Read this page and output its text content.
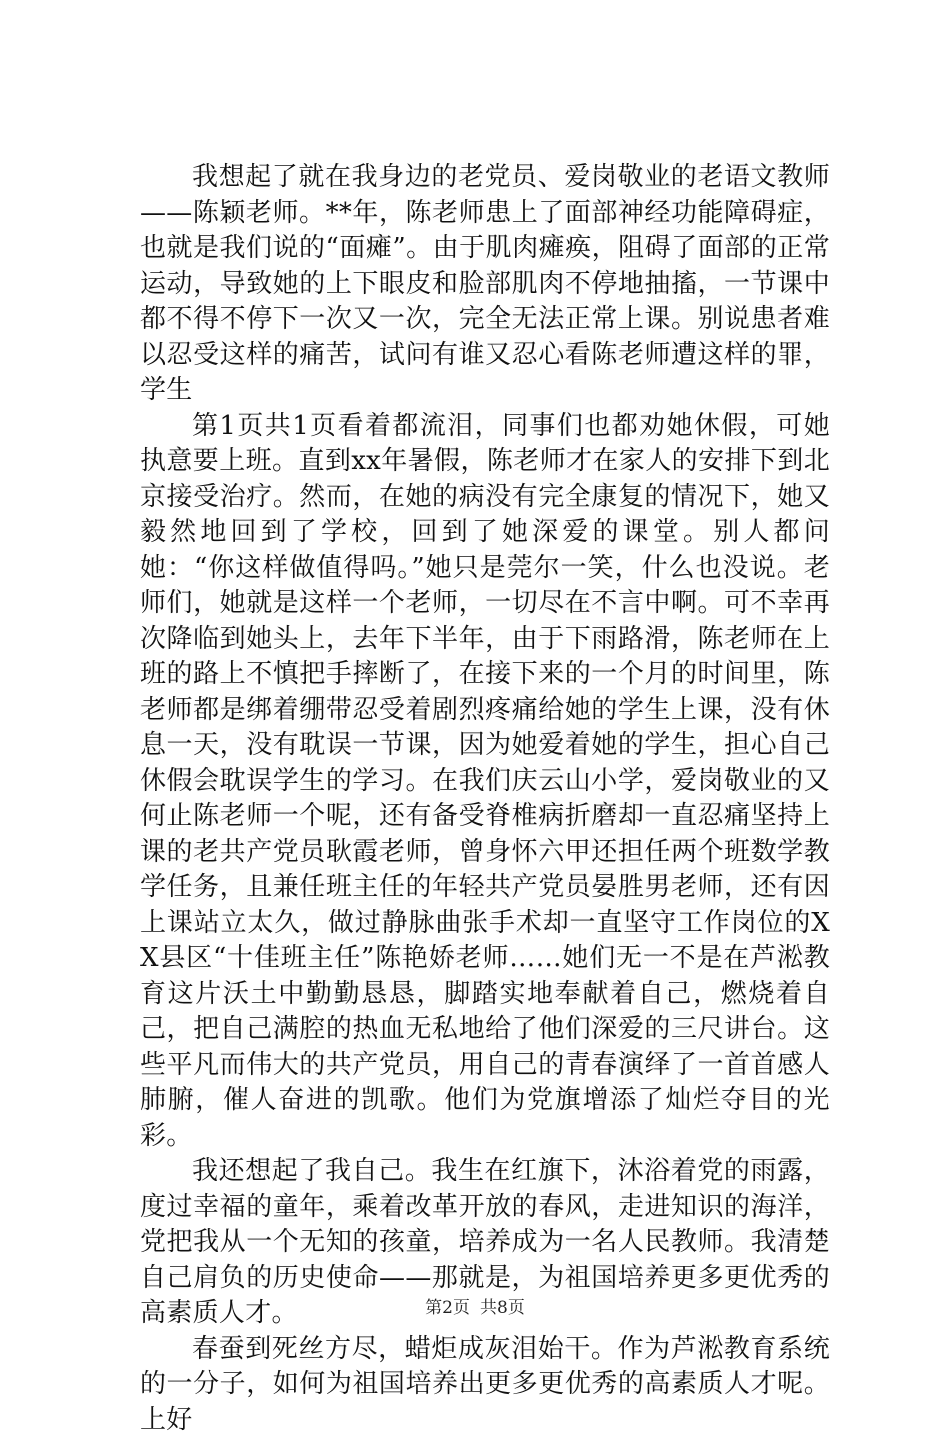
我想起了就在我身边的老党员、爱岗敬业的老语文教师——陈颖老师。**年，陈老师患上了面部神经功能障碍症，也就是我们说的“面瘫”。由于肌肉瘫痪，阻碍了面部的正常运动，导致她的上下眼皮和脸部肌肉不停地抽搐，一节课中都不得不停下一次又一次，完全无法正常上课。别说患者难以忍受这样的痛苦，试问有谁又忍心看陈老师遭这样的罪，学生

第1页共1页看着都流泪，同事们也都劝她休假，可她执意要上班。直到xx年暑假，陈老师才在家人的安排下到北京接受治疗。然而，在她的病没有完全康复的情况下，她又毅然地回到了学校，回到了她深爱的课堂。别人都问她：“你这样做值得吗。”她只是莞尔一笑，什么也没说。老师们，她就是这样一个老师，一切尽在不言中啊。可不幸再次降临到她头上，去年下半年，由于下雨路滑，陈老师在上班的路上不慎把手摔断了，在接下来的一个月的时间里，陈老师都是绑着绷带忍受着剧烈疼痛给她的学生上课，没有休息一天，没有耽误一节课，因为她爱着她的学生，担心自己休假会耽误学生的学习。在我们庆云山小学，爱岗敬业的又何止陈老师一个呢，还有备受脊椎病折磨却一直忍痛坚持上课的老共产党员耿霞老师，曾身怀六甲还担任两个班数学教学任务，且兼任班主任的年轻共产党员晏胜男老师，还有因上课站立太久，做过静脉曲张手术却一直坚守工作岗位的XX县区“十佳班主任”陈艳娇老师……她们无一不是在芦淞教育这片沃土中勤勤恳恳，脚踏实地奉献着自己，燃烧着自己，把自己满腔的热血无私地给了他们深爱的三尺讲台。这些平凡而伟大的共产党员，用自己的青春演绎了一首首感人肺腑，催人奋进的凯歌。他们为党旗增添了灿烂夺目的光彩。

我还想起了我自己。我生在红旗下，沐浴着党的雨露，度过幸福的童年，乘着改革开放的春风，走进知识的海洋，党把我从一个无知的孩童，培养成为一名人民教师。我清楚自己肩负的历史使命——那就是，为祖国培养更多更优秀的高素质人才。

春蚕到死丝方尽，蜡炬成灰泪始干。作为芦淞教育系统的一分子，如何为祖国培养出更多更优秀的高素质人才呢。上好

第2页 共8页
